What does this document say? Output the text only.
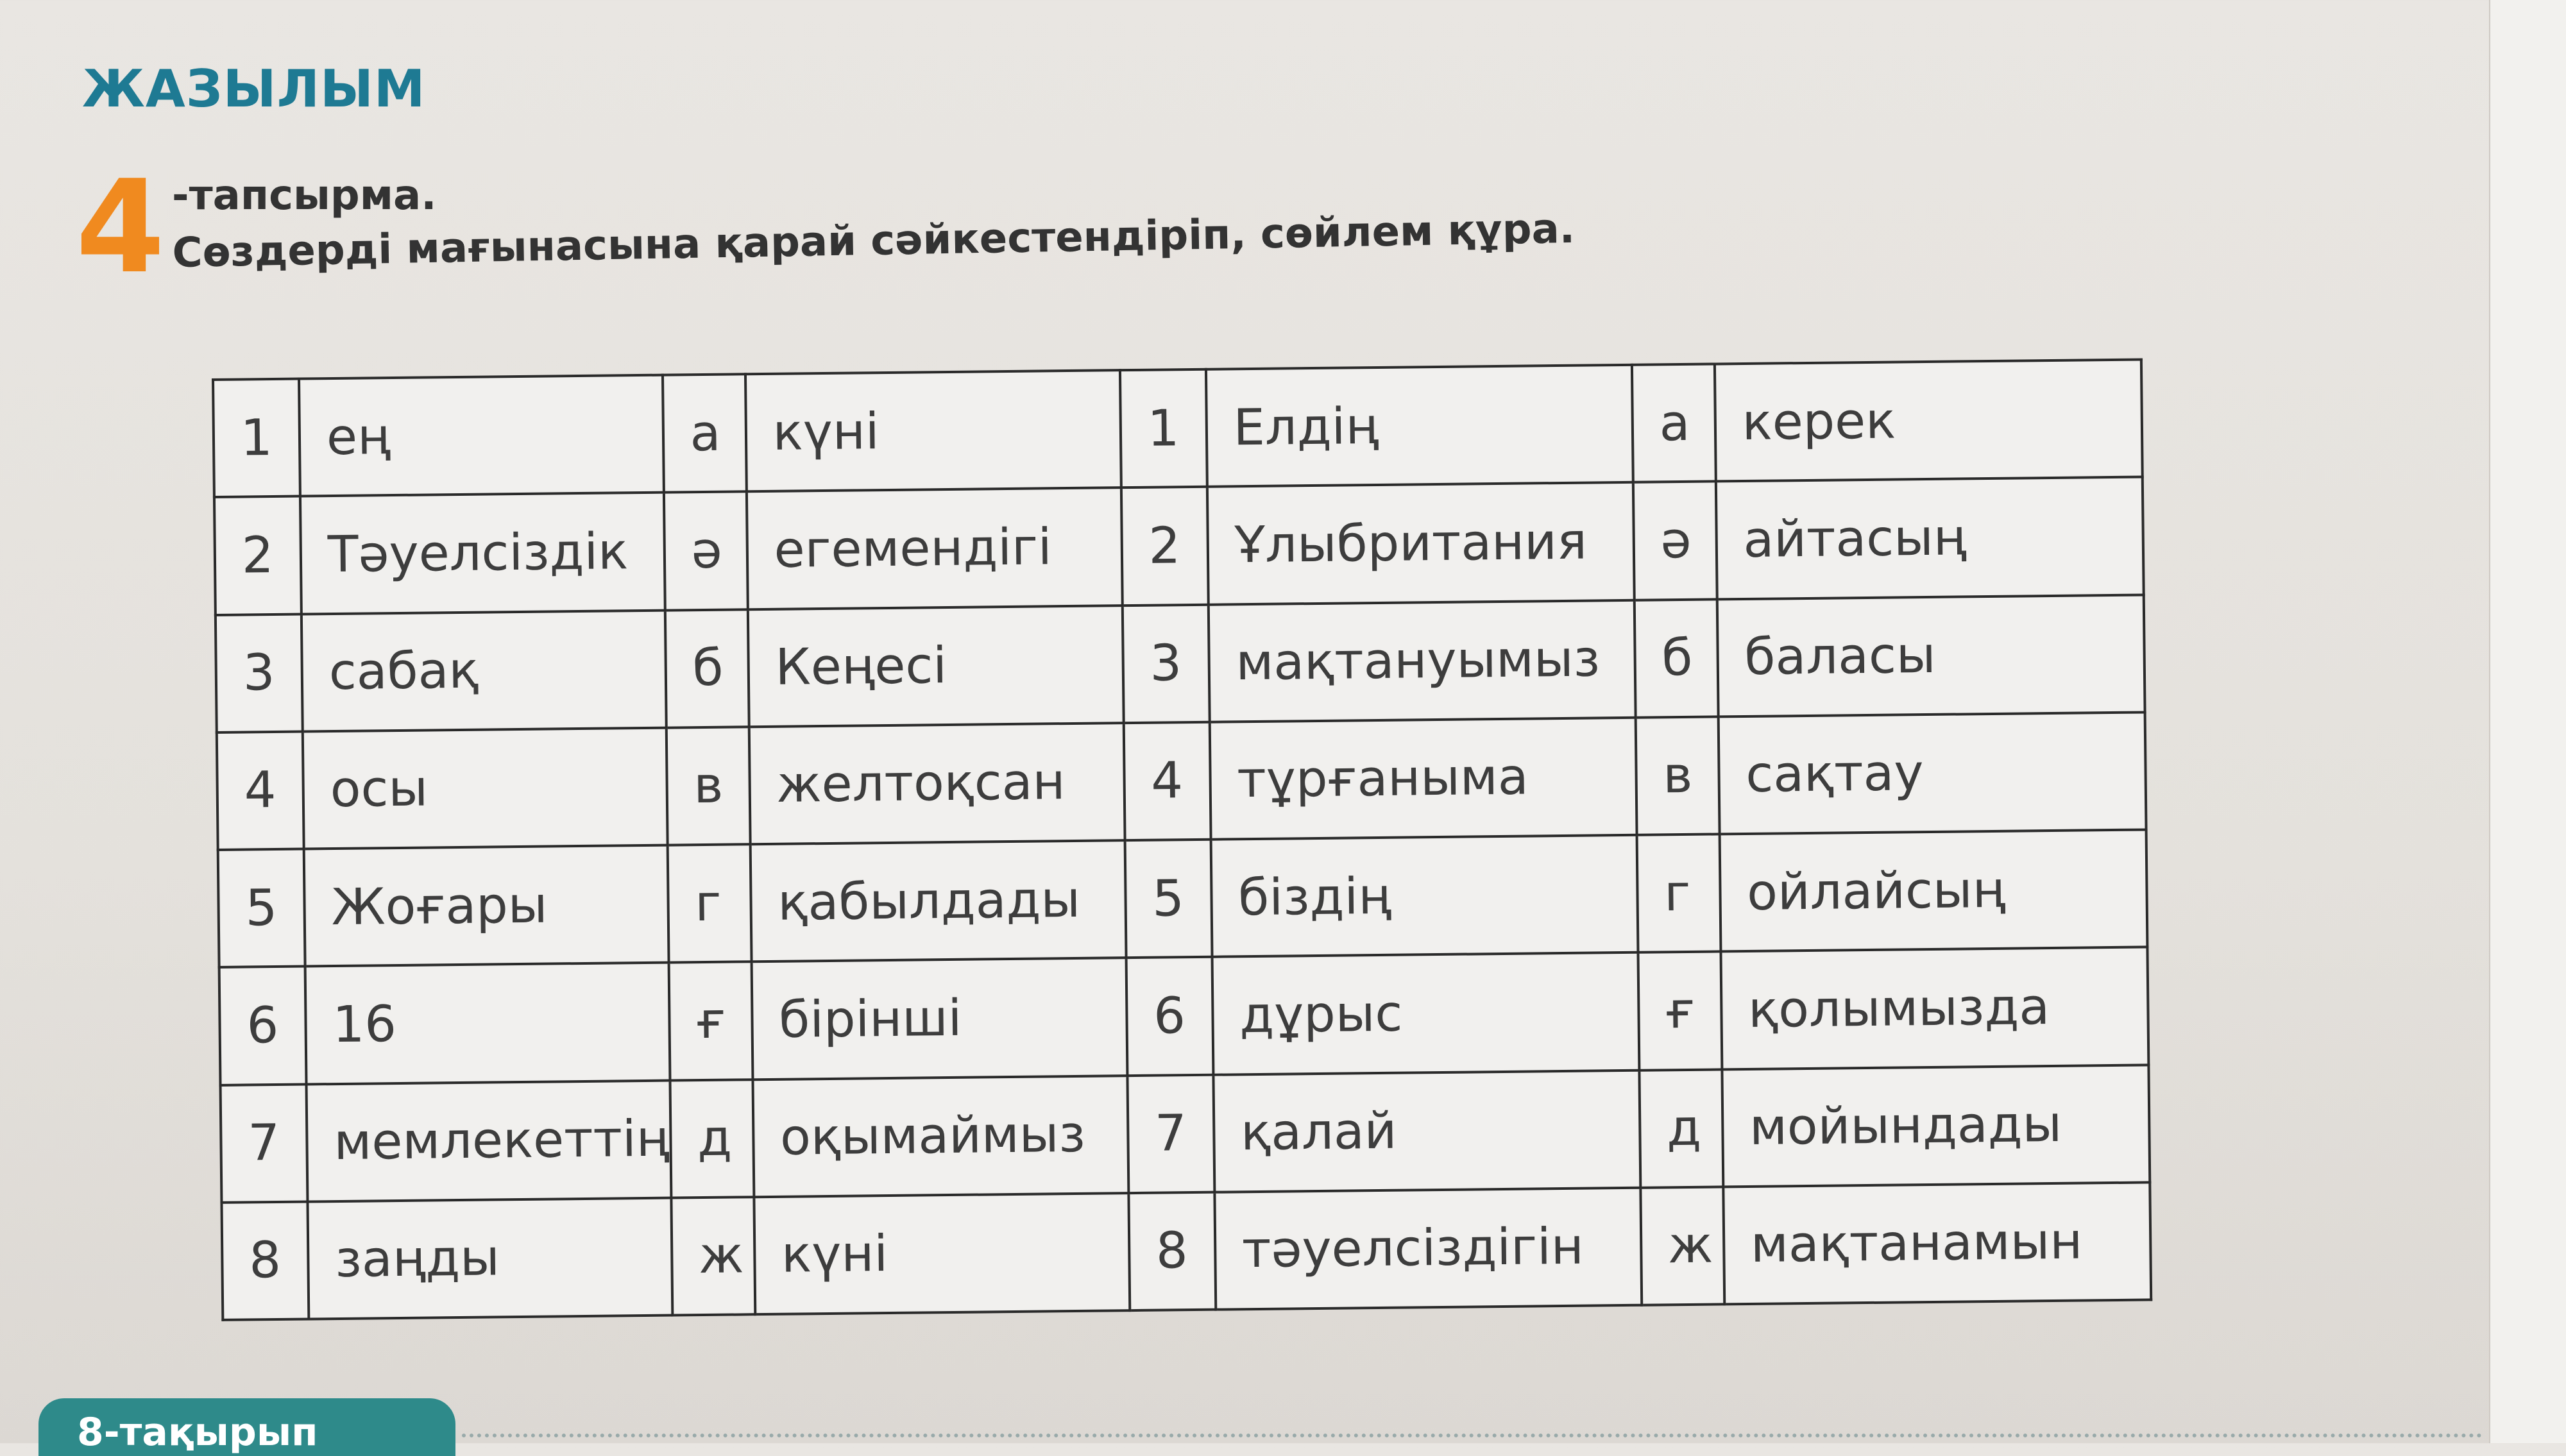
ЖАЗЫЛЫМ
4 -тапсырма.
Сөздерді мағынасына қарай сәйкестендіріп, сөйлем құра.
1	ең	а	күні	1	Елдің	а	керек
2	Тәуелсіздік	ә	егемендігі	2	Ұлыбритания	ә	айтасың
3	сабақ	б	Кеңесі	3	мақтануымыз	б	баласы
4	осы	в	желтоқсан	4	тұрғаныма	в	сақтау
5	Жоғары	г	қабылдады	5	біздің	г	ойлайсың
6	16	ғ	бірінші	6	дұрыс	ғ	қолымызда
7	мемлекеттің	д	оқымаймыз	7	қалай	д	мойындады
8	заңды	ж	күні	8	тәуелсіздігін	ж	мақтанамын
8-тақырып
